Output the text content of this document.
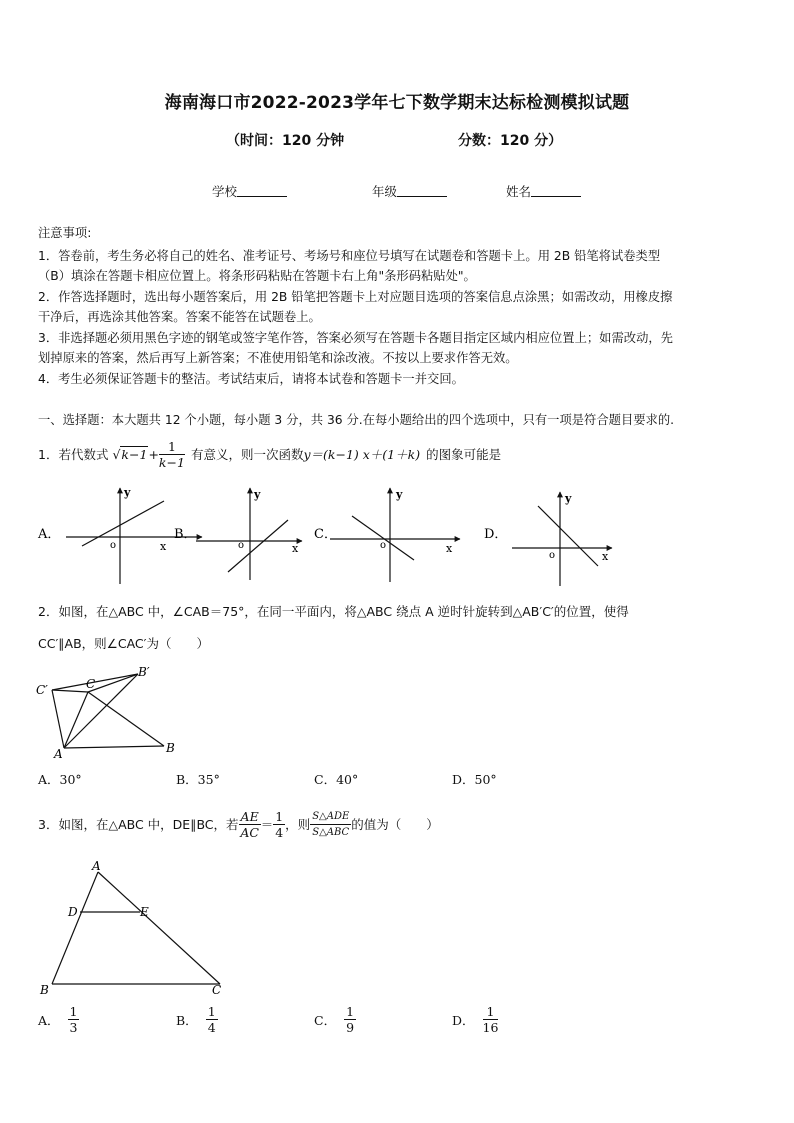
海南海口市2022-2023学年七下数学期末达标检测模拟试题
（时间：120 分钟	分数：120 分）
学校	年级	姓名
注意事项:
1．答卷前，考生务必将自己的姓名、准考证号、考场号和座位号填写在试题卷和答题卡上。用 2B 铅笔将试卷类型
（B）填涂在答题卡相应位置上。将条形码粘贴在答题卡右上角"条形码粘贴处"。
2．作答选择题时，选出每小题答案后，用 2B 铅笔把答题卡上对应题目选项的答案信息点涂黑；如需改动，用橡皮擦
干净后，再选涂其他答案。答案不能答在试题卷上。
3．非选择题必须用黑色字迹的钢笔或签字笔作答，答案必须写在答题卡各题目指定区域内相应位置上；如需改动，先
划掉原来的答案，然后再写上新答案；不准使用铅笔和涂改液。不按以上要求作答无效。
4．考生必须保证答题卡的整洁。考试结束后，请将本试卷和答题卡一并交回。
一、选择题：本大题共 12 个小题，每小题 3 分，共 36 分.在每小题给出的四个选项中，只有一项是符合题目要求的.
1．若代数式 $√k-1 + \frac{1}{k-1}$ 有意义，则一次函数 y＝(k−1) x＋(1＋k) 的图象可能是
A．
y
o	x
B．
y
o	x
C．
y
o	x
D．
y
o	x
2．如图，在△ABC 中，∠CAB＝75°，在同一平面内，将△ABC 绕点 A 逆时针旋转到△AB′C′的位置，使得
CC′∥AB，则∠CAC′为（　　）
C′	C
A	B
B′
A．30°	B．35°	C．40°	D．50°
3．如图，在△ABC 中，DE∥BC，若 $\frac{AE}{AC} = \frac{1}{4}$ ，则 $\frac{\text{S△ADE}}{\text{S△ABC}}$ 的值为（　　）
A
D	E
B	C
A． $\frac{1}{3}$	B． $\frac{1}{4}$	C． $\frac{1}{9}$	D． $\frac{1}{16}$
